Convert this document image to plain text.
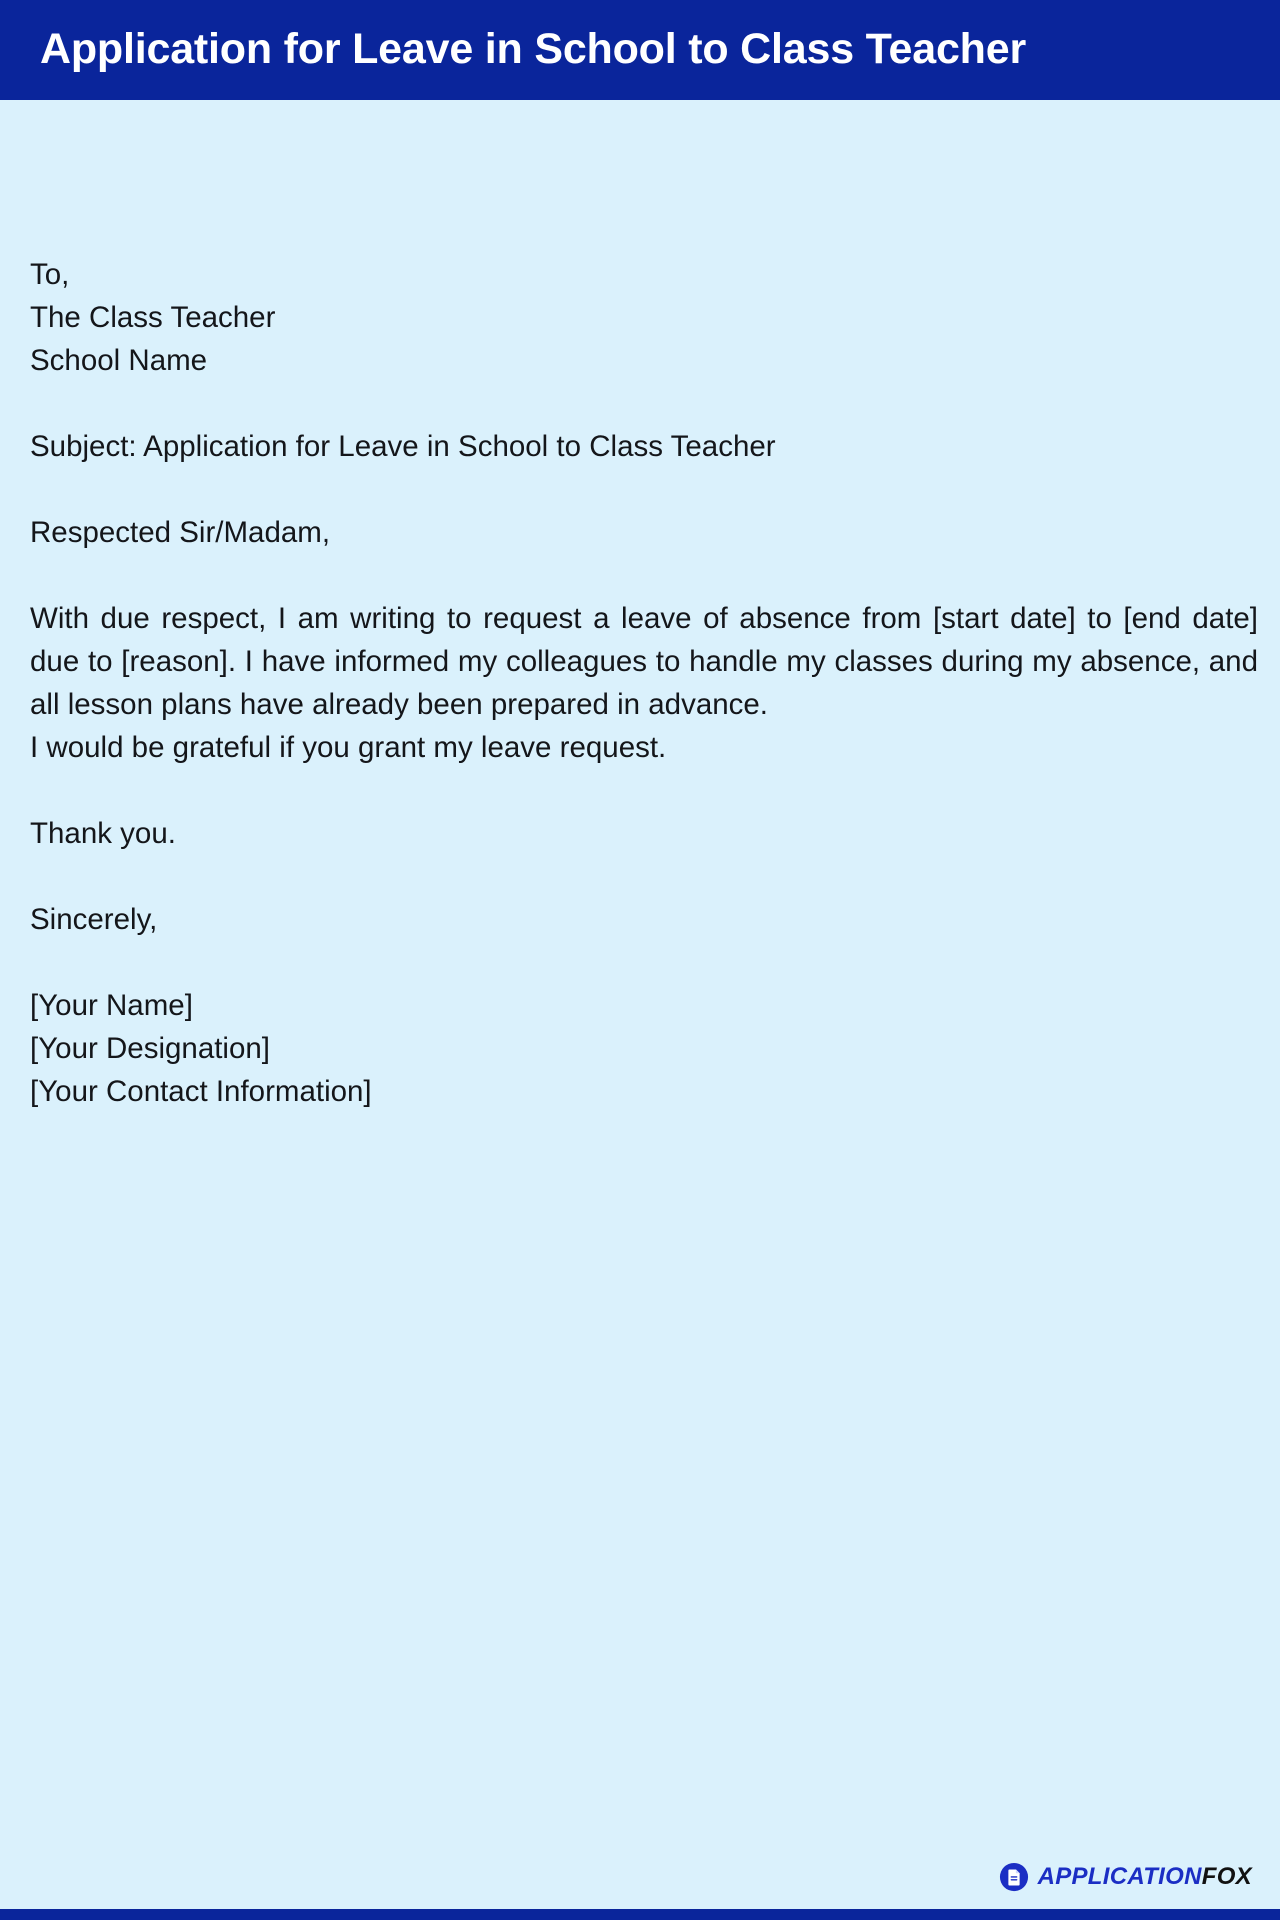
Application for Leave in School to Class Teacher
To,
The Class Teacher
School Name
Subject: Application for Leave in School to Class Teacher
Respected Sir/Madam,

With due respect, I am writing to request a leave of absence from [start date] to [end date] due to [reason]. I have informed my colleagues to handle my classes during my absence, and all lesson plans have already been prepared in advance.

I would be grateful if you grant my leave request.
Thank you.
Sincerely,
[Your Name]
[Your Designation]
[Your Contact Information]
APPLICATIONFOX
